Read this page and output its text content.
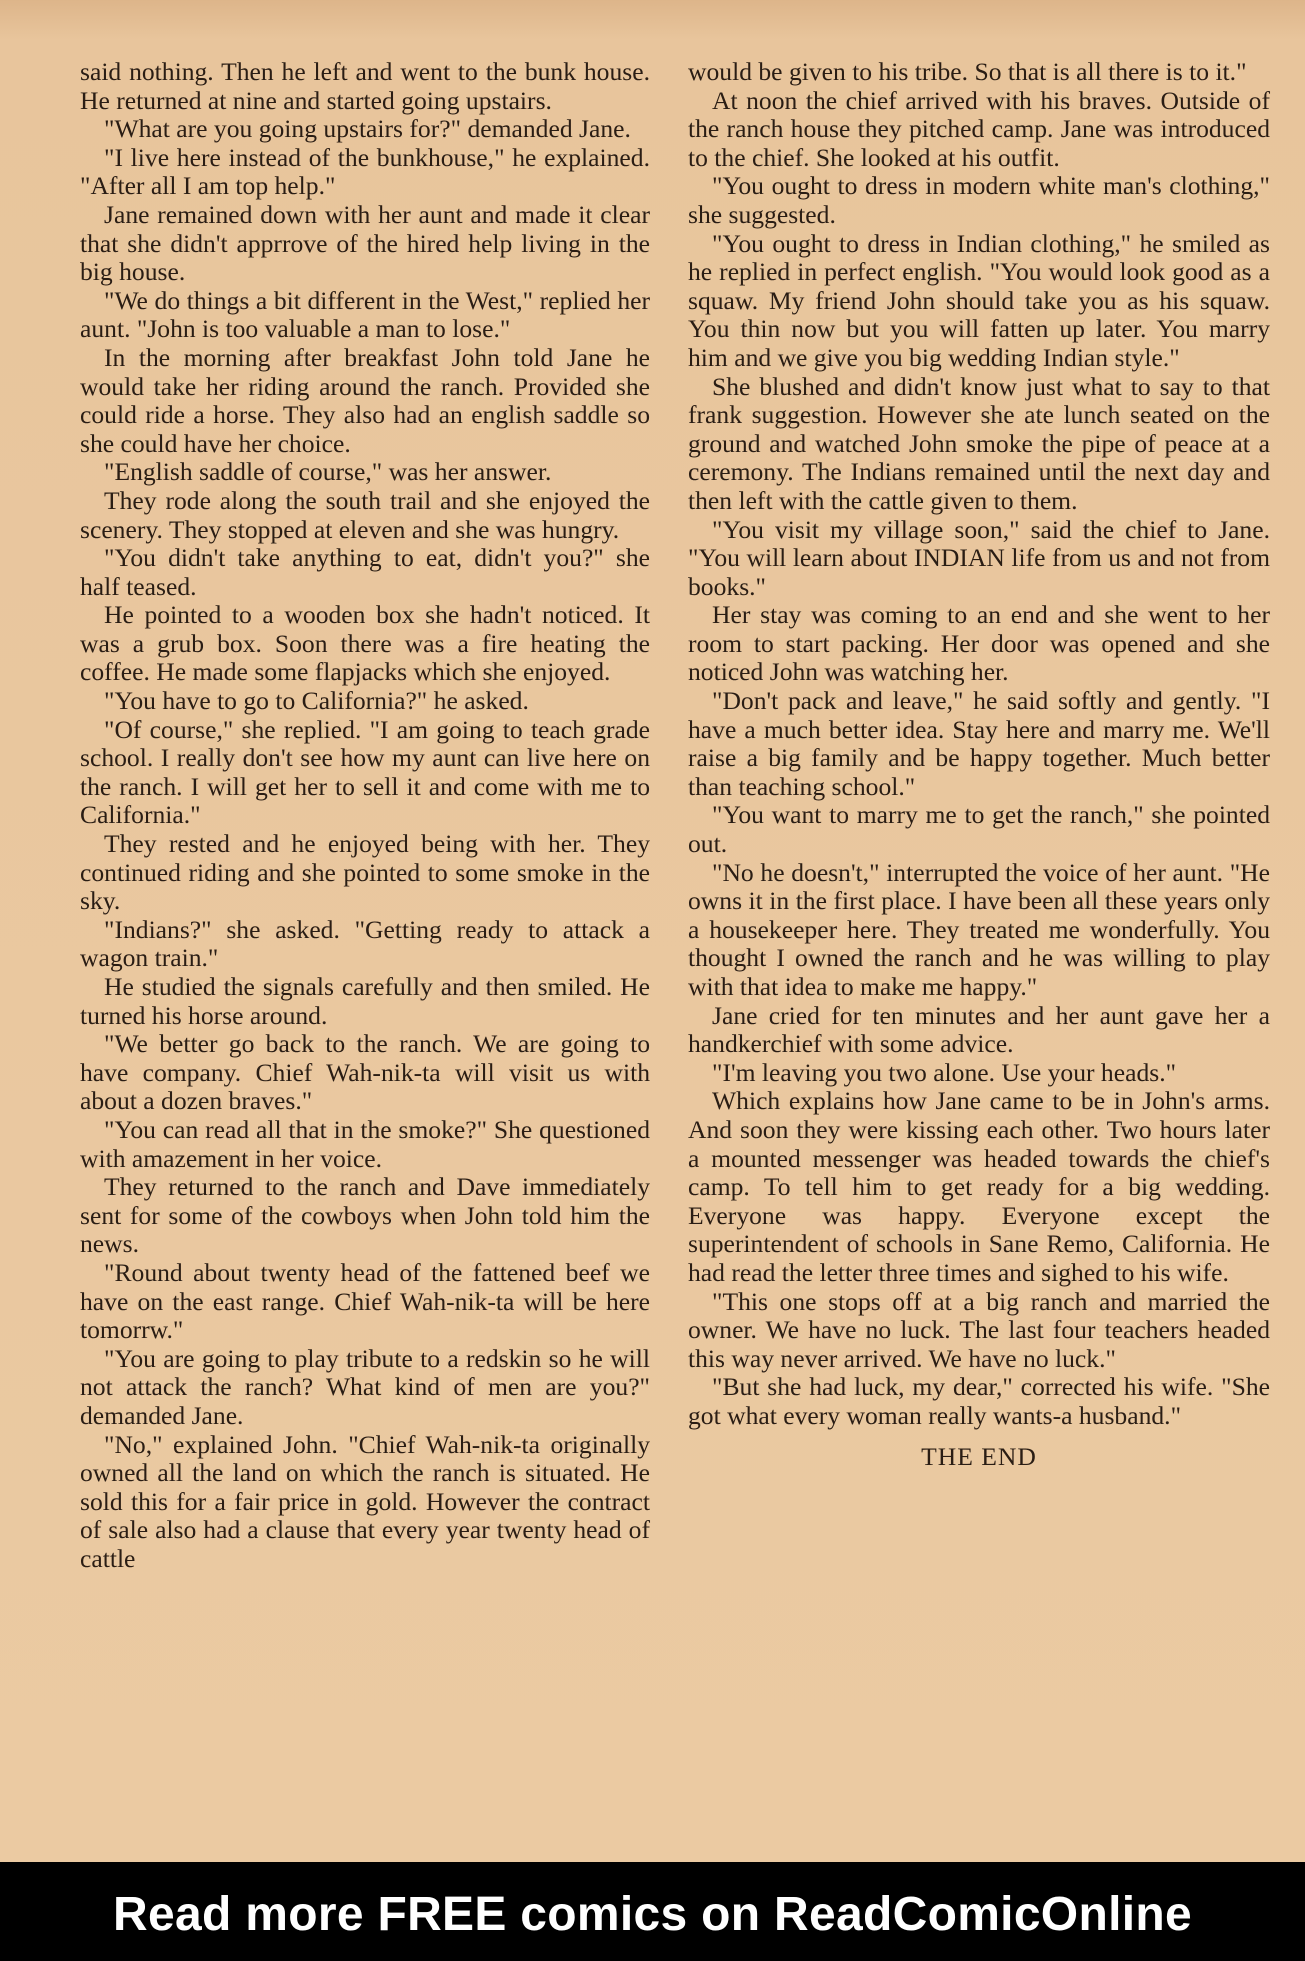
said nothing. Then he left and went to the bunk house. He returned at nine and started going upstairs.

"What are you going upstairs for?" demanded Jane.

"I live here instead of the bunkhouse," he explained. "After all I am top help."

Jane remained down with her aunt and made it clear that she didn't apprrove of the hired help living in the big house.

"We do things a bit different in the West," replied her aunt. "John is too valuable a man to lose."

In the morning after breakfast John told Jane he would take her riding around the ranch. Provided she could ride a horse. They also had an english saddle so she could have her choice.

"English saddle of course," was her answer.

They rode along the south trail and she enjoyed the scenery. They stopped at eleven and she was hungry.

"You didn't take anything to eat, didn't you?" she half teased.

He pointed to a wooden box she hadn't noticed. It was a grub box. Soon there was a fire heating the coffee. He made some flapjacks which she enjoyed.

"You have to go to California?" he asked.

"Of course," she replied. "I am going to teach grade school. I really don't see how my aunt can live here on the ranch. I will get her to sell it and come with me to California."

They rested and he enjoyed being with her. They continued riding and she pointed to some smoke in the sky.

"Indians?" she asked. "Getting ready to attack a wagon train."

He studied the signals carefully and then smiled. He turned his horse around.

"We better go back to the ranch. We are going to have company. Chief Wah-nik-ta will visit us with about a dozen braves."

"You can read all that in the smoke?" She questioned with amazement in her voice.

They returned to the ranch and Dave immediately sent for some of the cowboys when John told him the news.

"Round about twenty head of the fattened beef we have on the east range. Chief Wah-nik-ta will be here tomorrw."

"You are going to play tribute to a redskin so he will not attack the ranch? What kind of men are you?" demanded Jane.

"No," explained John. "Chief Wah-nik-ta originally owned all the land on which the ranch is situated. He sold this for a fair price in gold. However the contract of sale also had a clause that every year twenty head of cattle

would be given to his tribe. So that is all there is to it."

At noon the chief arrived with his braves. Outside of the ranch house they pitched camp. Jane was introduced to the chief. She looked at his outfit.

"You ought to dress in modern white man's clothing," she suggested.

"You ought to dress in Indian clothing," he smiled as he replied in perfect english. "You would look good as a squaw. My friend John should take you as his squaw. You thin now but you will fatten up later. You marry him and we give you big wedding Indian style."

She blushed and didn't know just what to say to that frank suggestion. However she ate lunch seated on the ground and watched John smoke the pipe of peace at a ceremony. The Indians remained until the next day and then left with the cattle given to them.

"You visit my village soon," said the chief to Jane. "You will learn about INDIAN life from us and not from books."

Her stay was coming to an end and she went to her room to start packing. Her door was opened and she noticed John was watching her.

"Don't pack and leave," he said softly and gently. "I have a much better idea. Stay here and marry me. We'll raise a big family and be happy together. Much better than teaching school."

"You want to marry me to get the ranch," she pointed out.

"No he doesn't," interrupted the voice of her aunt. "He owns it in the first place. I have been all these years only a housekeeper here. They treated me wonderfully. You thought I owned the ranch and he was willing to play with that idea to make me happy."

Jane cried for ten minutes and her aunt gave her a handkerchief with some advice.

"I'm leaving you two alone. Use your heads."

Which explains how Jane came to be in John's arms. And soon they were kissing each other. Two hours later a mounted messenger was headed towards the chief's camp. To tell him to get ready for a big wedding. Everyone was happy. Everyone except the superintendent of schools in Sane Remo, California. He had read the letter three times and sighed to his wife.

"This one stops off at a big ranch and married the owner. We have no luck. The last four teachers headed this way never arrived. We have no luck."

"But she had luck, my dear," corrected his wife. "She got what every woman really wants-a husband."

THE END

Read more FREE comics on ReadComicOnline
